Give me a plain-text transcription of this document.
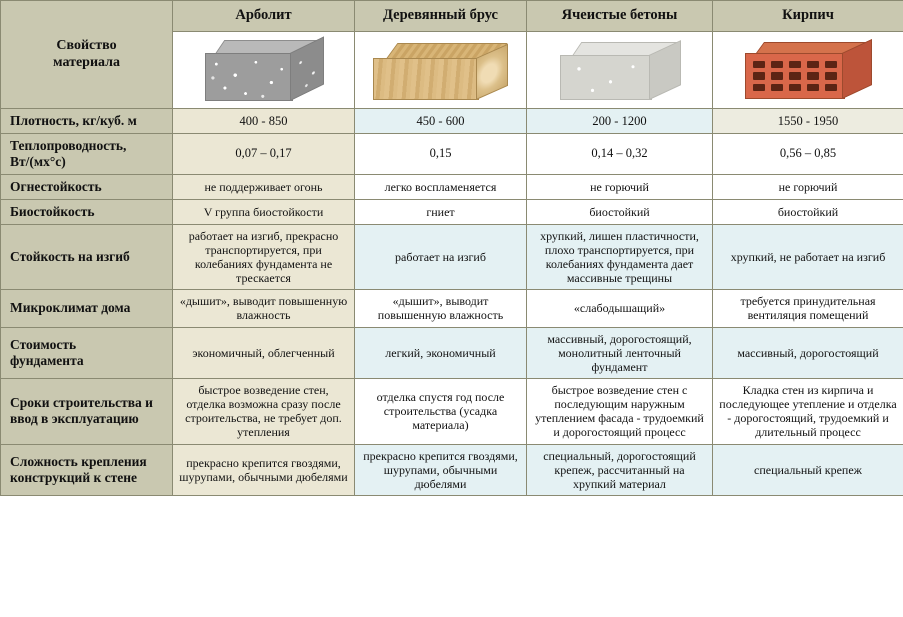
Свойство
материала	Арболит	Деревянный брус	Ячеистые бетоны	Кирпич

Плотность, кг/куб. м	400 - 850	450 - 600	200 - 1200	1550 - 1950

Теплопроводность,
Вт/(мх°с)	0,07 – 0,17	0,15	0,14 – 0,32	0,56 – 0,85
Огнестойкость	не поддерживает огонь	легко воспламеняется	не горючий	не горючий
Биостойкость	V группа биостойкости	гниет	биостойкий	биостойкий
Стойкость на изгиб	работает на изгиб, прекрасно транспортируется, при колебаниях фундамента не трескается	работает на изгиб	хрупкий, лишен пластичности, плохо транспортируется, при колебаниях фундамента дает массивные трещины	хрупкий, не работает на изгиб
Микроклимат дома	«дышит», выводит повышенную влажность	«дышит», выводит повышенную влажность	«слабодышащий»	требуется принудительная вентиляция помещений

Стоимость
фундамента	экономичный, облегченный	легкий, экономичный	массивный, дорогостоящий, монолитный ленточный фундамент	массивный, дорогостоящий
Сроки строительства и ввод в эксплуатацию	быстрое возведение стен, отделка возможна сразу после строительства, не требует доп. утепления	отделка спустя год после строительства (усадка материала)	быстрое возведение стен с последующим наружным утеплением фасада - трудоемкий и дорогостоящий процесс	Кладка стен из кирпича и последующее утепление и отделка - дорогостоящий, трудоемкий и длительный процесс
Сложность крепления конструкций к стене	прекрасно крепится гвоздями, шурупами, обычными дюбелями	прекрасно крепится гвоздями, шурупами, обычными дюбелями	специальный, дорогостоящий крепеж, рассчитанный на хрупкий материал	специальный крепеж
